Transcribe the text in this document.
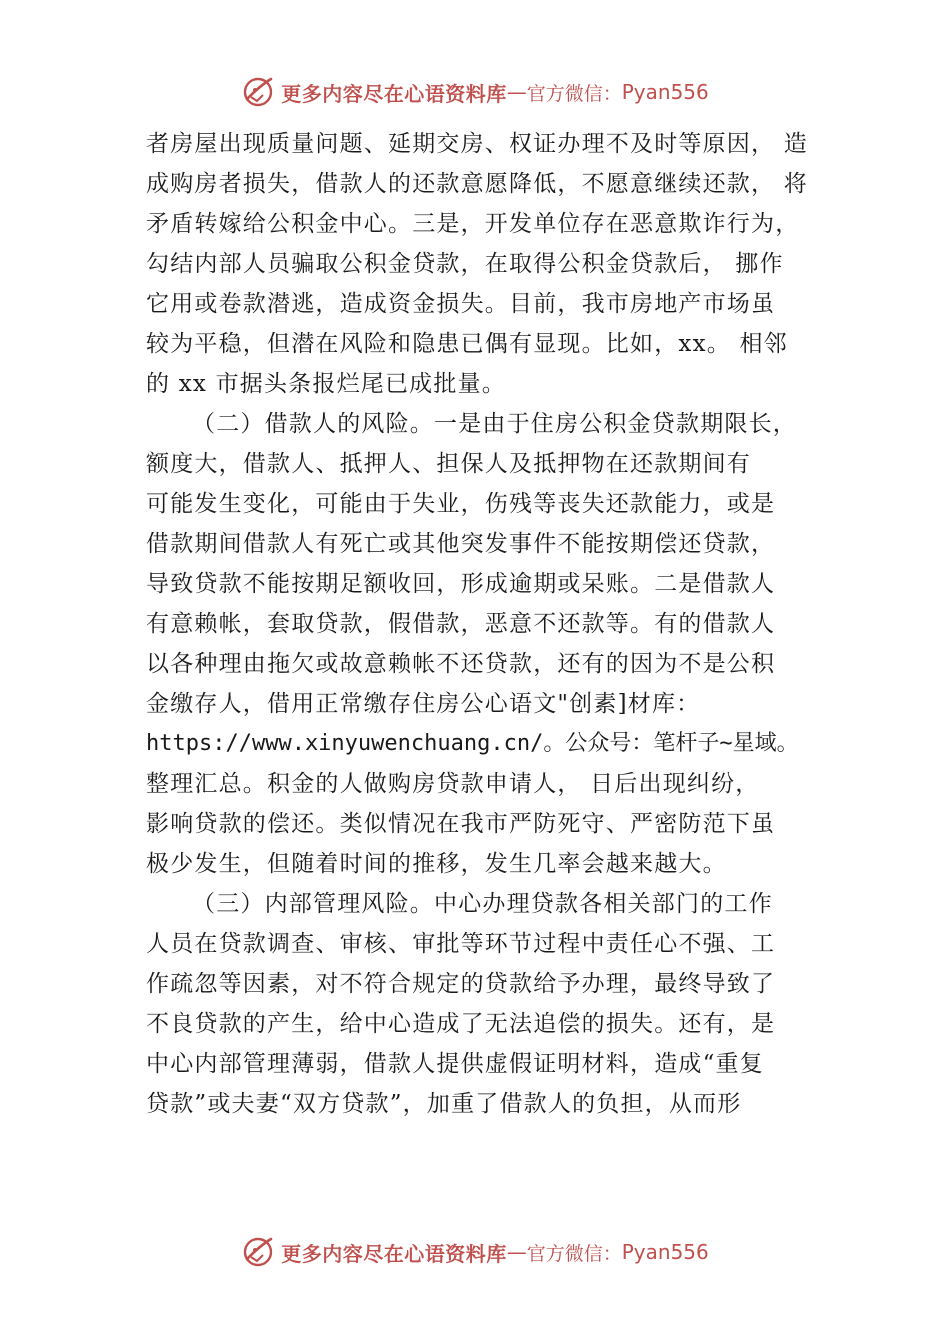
更多内容尽在心语资料库 — 官方微信： Pyan556
者房屋出现质量问题、延期交房、权证办理不及时等原因， 造
成购房者损失，借款人的还款意愿降低，不愿意继续还款， 将
矛盾转嫁给公积金中心。三是，开发单位存在恶意欺诈行为，
勾结内部人员骗取公积金贷款，在取得公积金贷款后， 挪作
它用或卷款潜逃，造成资金损失。目前，我市房地产市场虽
较为平稳，但潜在风险和隐患已偶有显现。比如，xx。 相邻
的 xx 市据头条报烂尾已成批量。
（二）借款人的风险。一是由于住房公积金贷款期限长，
额度大，借款人、抵押人、担保人及抵押物在还款期间有
可能发生变化，可能由于失业，伤残等丧失还款能力，或是
借款期间借款人有死亡或其他突发事件不能按期偿还贷款，
导致贷款不能按期足额收回，形成逾期或呆账。二是借款人
有意赖帐，套取贷款，假借款，恶意不还款等。有的借款人
以各种理由拖欠或故意赖帐不还贷款，还有的因为不是公积
金缴存人，借用正常缴存住房公心语文"创素]材库：
https://www.xinyuwenchuang.cn/。公众号：笔杆子~星域。
整理汇总。积金的人做购房贷款申请人， 日后出现纠纷，
影响贷款的偿还。类似情况在我市严防死守、严密防范下虽
极少发生，但随着时间的推移，发生几率会越来越大。
（三）内部管理风险。中心办理贷款各相关部门的工作
人员在贷款调查、审核、审批等环节过程中责任心不强、工
作疏忽等因素，对不符合规定的贷款给予办理，最终导致了
不良贷款的产生，给中心造成了无法追偿的损失。还有，是
中心内部管理薄弱，借款人提供虚假证明材料，造成“重复
贷款”或夫妻“双方贷款”，加重了借款人的负担，从而形
更多内容尽在心语资料库 — 官方微信： Pyan556
